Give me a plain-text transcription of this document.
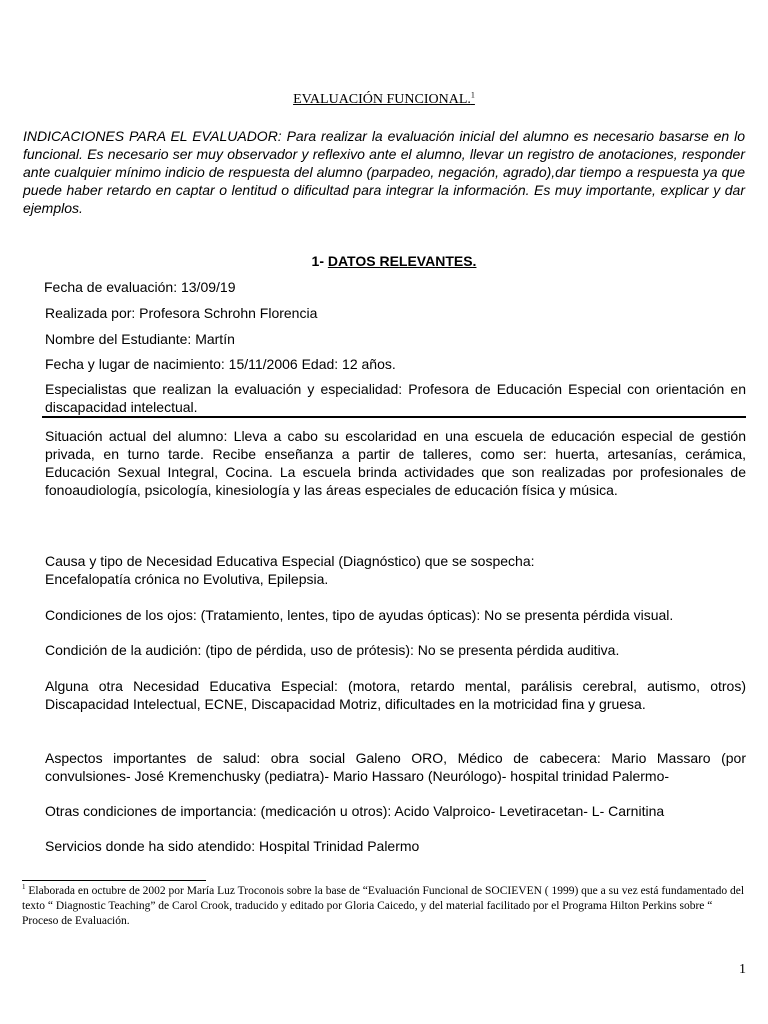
EVALUACIÓN FUNCIONAL.$^1$
INDICACIONES PARA EL EVALUADOR: Para realizar la evaluación inicial del alumno es necesario basarse en lo funcional. Es necesario ser muy observador y reflexivo ante el alumno, llevar un registro de anotaciones, responder ante cualquier mínimo indicio de respuesta del alumno (parpadeo, negación, agrado),dar tiempo a respuesta ya que puede haber retardo en captar o lentitud o dificultad para integrar la información. Es muy importante, explicar y dar ejemplos.
1- DATOS RELEVANTES.
Fecha de evaluación: 13/09/19
Realizada por: Profesora Schrohn Florencia
Nombre del Estudiante: Martín
Fecha y lugar de nacimiento: 15/11/2006 Edad: 12 años.
Especialistas que realizan la evaluación y especialidad: Profesora de Educación Especial con orientación en discapacidad intelectual.
Situación actual del alumno: Lleva a cabo su escolaridad en una escuela de educación especial de gestión privada, en turno tarde. Recibe enseñanza a partir de talleres, como ser: huerta, artesanías, cerámica, Educación Sexual Integral, Cocina. La escuela brinda actividades que son realizadas por profesionales de fonoaudiología, psicología, kinesiología y las áreas especiales de educación física y música.
Causa y tipo de Necesidad Educativa Especial (Diagnóstico) que se sospecha:
Encefalopatía crónica no Evolutiva, Epilepsia.
Condiciones de los ojos: (Tratamiento, lentes, tipo de ayudas ópticas): No se presenta pérdida visual.
Condición de la audición: (tipo de pérdida, uso de prótesis): No se presenta pérdida auditiva.
Alguna otra Necesidad Educativa Especial: (motora, retardo mental, parálisis cerebral, autismo, otros) Discapacidad Intelectual, ECNE, Discapacidad Motriz, dificultades en la motricidad fina y gruesa.
Aspectos importantes de salud: obra social Galeno ORO, Médico de cabecera: Mario Massaro (por convulsiones- José Kremenchusky (pediatra)- Mario Hassaro (Neurólogo)- hospital trinidad Palermo-
Otras condiciones de importancia: (medicación u otros): Acido Valproico- Levetiracetan- L- Carnitina
Servicios donde ha sido atendido: Hospital Trinidad Palermo
$^1$ Elaborada en octubre de 2002 por María Luz Troconois sobre la base de “Evaluación Funcional de SOCIEVEN ( 1999) que a su vez está fundamentado del texto “ Diagnostic Teaching” de Carol Crook, traducido y editado por Gloria Caicedo, y del material facilitado por el Programa Hilton Perkins sobre “ Proceso de Evaluación.
1
